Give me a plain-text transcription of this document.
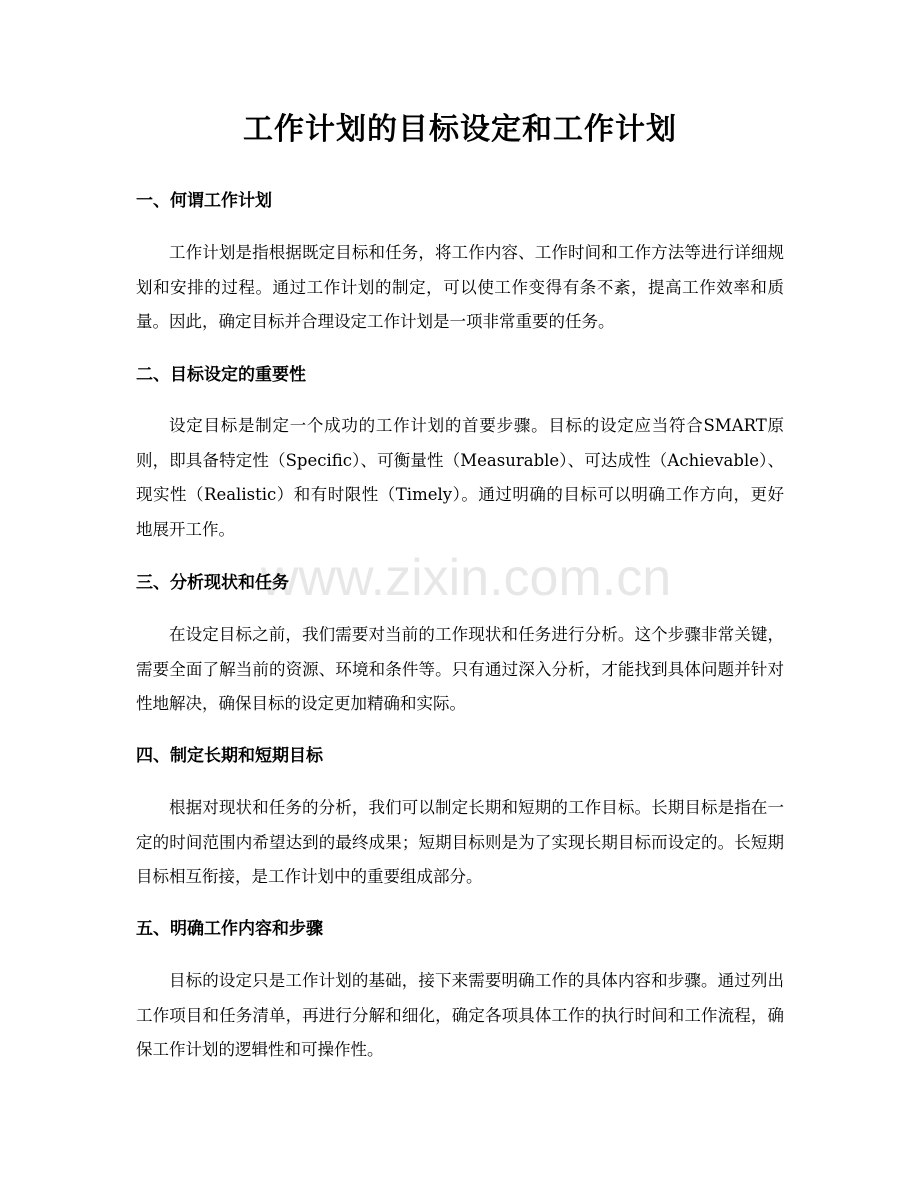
工作计划的目标设定和工作计划
一、何谓工作计划

工作计划是指根据既定目标和任务，将工作内容、工作时间和工作方法等进行详细规划和安排的过程。通过工作计划的制定，可以使工作变得有条不紊，提高工作效率和质量。因此，确定目标并合理设定工作计划是一项非常重要的任务。

二、目标设定的重要性

设定目标是制定一个成功的工作计划的首要步骤。目标的设定应当符合SMART原则，即具备特定性（Specific）、可衡量性（Measurable）、可达成性（Achievable）、现实性（Realistic）和有时限性（Timely）。通过明确的目标可以明确工作方向，更好地展开工作。

三、分析现状和任务

在设定目标之前，我们需要对当前的工作现状和任务进行分析。这个步骤非常关键，需要全面了解当前的资源、环境和条件等。只有通过深入分析，才能找到具体问题并针对性地解决，确保目标的设定更加精确和实际。

四、制定长期和短期目标

根据对现状和任务的分析，我们可以制定长期和短期的工作目标。长期目标是指在一定的时间范围内希望达到的最终成果；短期目标则是为了实现长期目标而设定的。长短期目标相互衔接，是工作计划中的重要组成部分。

五、明确工作内容和步骤

目标的设定只是工作计划的基础，接下来需要明确工作的具体内容和步骤。通过列出工作项目和任务清单，再进行分解和细化，确定各项具体工作的执行时间和工作流程，确保工作计划的逻辑性和可操作性。

www.zixin.com.cn
